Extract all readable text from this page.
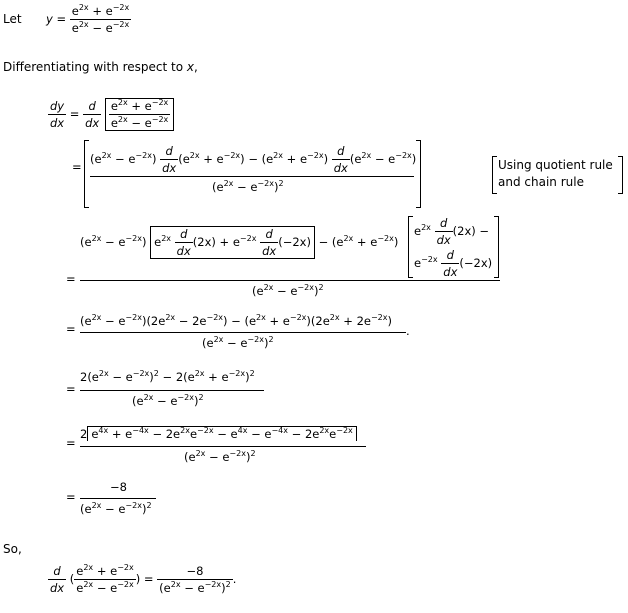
Let $y = \frac{e^{2x} + e^{-2x}}{e^{2x} - e^{-2x}}$
Differentiating with respect to x,
$\frac{dy}{dx} = \frac{d}{dx}$
$\frac{e^{2x} + e^{-2x}}{e^{2x} - e^{-2x}}$
=
$(e^{2x} - e^{-2x}) \frac{d}{dx} (e^{2x} + e^{-2x}) - (e^{2x} + e^{-2x}) \frac{d}{dx} (e^{2x} - e^{-2x})$
$(e^{2x} - e^{-2x})^2$
Using quotient rule
and chain rule
=
$(e^{2x} - e^{-2x})$ $e^{2x} \frac{d}{dx} (2x) + e^{-2x} \frac{d}{dx} (-2x) - (e^{2x} + e^{-2x})$
$e^{2x} \frac{d}{dx} (2x)$ −
$e^{-2x} \frac{d}{dx} (-2x)$
$(e^{2x} - e^{-2x})^2$
=
$(e^{2x} - e^{-2x})(2e^{2x} - 2e^{-2x}) - (e^{2x} + e^{-2x})(2e^{2x} + 2e^{-2x})$
$(e^{2x} - e^{-2x})^2$
.
=
$2(e^{2x} - e^{-2x})^2 - 2(e^{2x} + e^{-2x})^2$
$(e^{2x} - e^{-2x})^2$
=
2 $e^{4x} + e^{-4x} - 2e^{2x}e^{-2x} - e^{4x} - e^{-4x} - 2e^{2x}e^{-2x}$
$(e^{2x} - e^{-2x})^2$
=
−8
$(e^{2x} - e^{-2x})^2$
So,
$\frac{d}{dx}$ ( $\frac{e^{2x} + e^{-2x}}{e^{2x} - e^{-2x}}$ ) = $\frac{-8}{(e^{2x} - e^{-2x})^2}$ .
